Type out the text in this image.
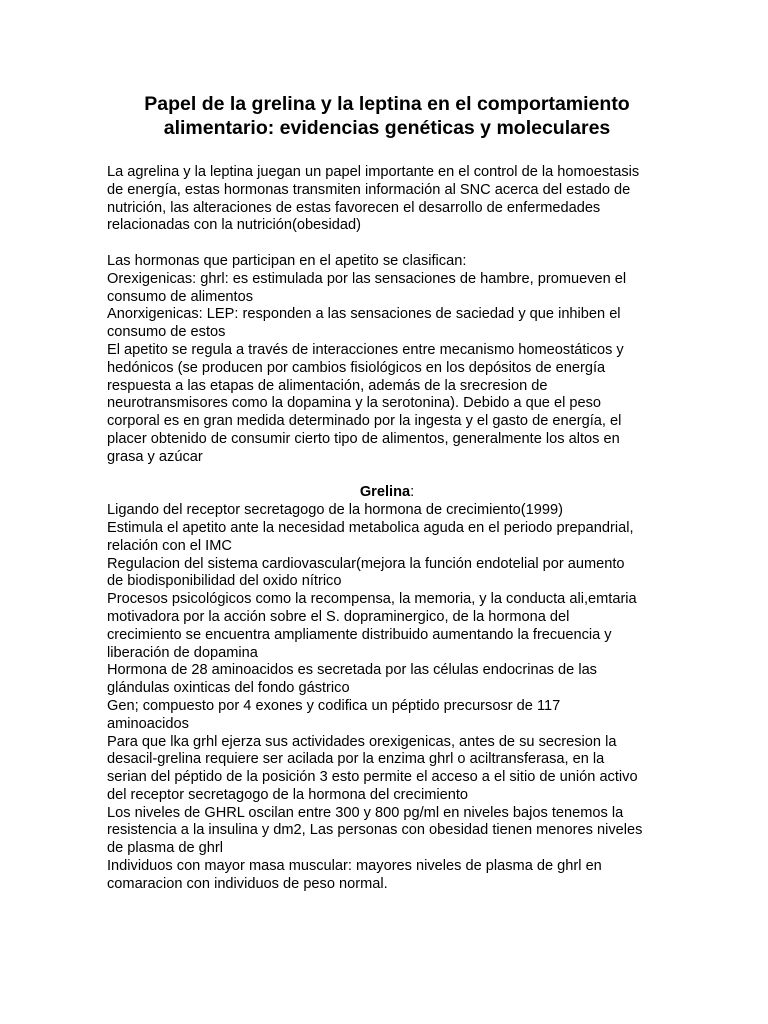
Papel de la grelina y la leptina en el comportamiento
alimentario: evidencias genéticas y moleculares
La agrelina y la leptina juegan un papel importante en el control de la homoestasis
de energía, estas hormonas transmiten información al SNC acerca del estado de
nutrición, las alteraciones de estas favorecen el desarrollo de enfermedades
relacionadas con la nutrición(obesidad)
Las hormonas que participan en el apetito se clasifican:
Orexigenicas: ghrl: es estimulada por las sensaciones de hambre, promueven el
consumo de alimentos
Anorxigenicas: LEP: responden a las sensaciones de saciedad y que inhiben el
consumo de estos
El apetito se regula a través de interacciones entre mecanismo homeostáticos y
hedónicos (se producen por cambios fisiológicos en los depósitos de energía
respuesta a las etapas de alimentación, además de la srecresion de
neurotransmisores como la dopamina y la serotonina). Debido a que el peso
corporal es en gran medida determinado por la ingesta y el gasto de energía, el
placer obtenido de consumir cierto tipo de alimentos, generalmente los altos en
grasa y azúcar
Grelina:
Ligando del receptor secretagogo de la hormona de crecimiento(1999)
Estimula el apetito ante la necesidad metabolica aguda en el periodo prepandrial,
relación con el IMC
Regulacion del sistema cardiovascular(mejora la función endotelial por aumento
de biodisponibilidad del oxido nítrico
Procesos psicológicos como la recompensa, la memoria, y la conducta ali,emtaria
motivadora por la acción sobre el S. dopraminergico, de la hormona del
crecimiento se encuentra ampliamente distribuido aumentando la frecuencia y
liberación de dopamina
Hormona de 28 aminoacidos es secretada por las células endocrinas de las
glándulas oxinticas del fondo gástrico
Gen; compuesto por 4 exones y codifica un péptido precursosr de 117
aminoacidos
Para que lka grhl ejerza sus actividades orexigenicas, antes de su secresion la
desacil-grelina requiere ser acilada por la enzima ghrl o aciltransferasa, en la
serian del péptido de la posición 3 esto permite el acceso a el sitio de unión activo
del receptor secretagogo de la hormona del crecimiento
Los niveles de GHRL oscilan entre 300 y 800 pg/ml en niveles bajos tenemos la
resistencia a la insulina y dm2, Las personas con obesidad tienen menores niveles
de plasma de ghrl
Individuos con mayor masa muscular: mayores niveles de plasma de ghrl en
comaracion con individuos de peso normal.
